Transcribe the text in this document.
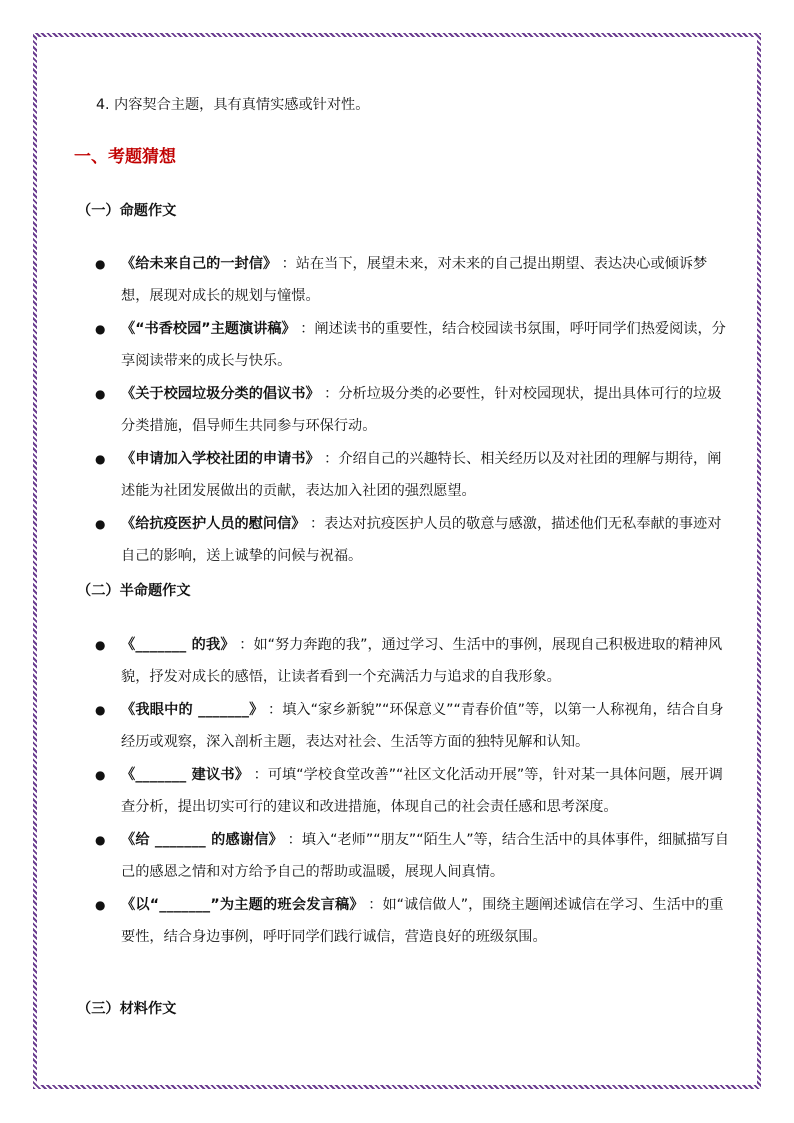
4. 内容契合主题，具有真情实感或针对性。
一、考题猜想
（一）命题作文
● 《给未来自己的一封信》 ：站在当下，展望未来，对未来的自己提出期望、表达决心或倾诉梦想，展现对成长的规划与憧憬。
● 《“书香校园”主题演讲稿》 ：阐述读书的重要性，结合校园读书氛围，呼吁同学们热爱阅读，分享阅读带来的成长与快乐。
● 《关于校园垃圾分类的倡议书》 ：分析垃圾分类的必要性，针对校园现状，提出具体可行的垃圾分类措施，倡导师生共同参与环保行动。
● 《申请加入学校社团的申请书》 ：介绍自己的兴趣特长、相关经历以及对社团的理解与期待，阐述能为社团发展做出的贡献，表达加入社团的强烈愿望。
● 《给抗疫医护人员的慰问信》 ：表达对抗疫医护人员的敬意与感激，描述他们无私奉献的事迹对自己的影响，送上诚挚的问候与祝福。
（二）半命题作文
● 《_______ 的我》 ：如“努力奔跑的我”，通过学习、生活中的事例，展现自己积极进取的精神风貌，抒发对成长的感悟，让读者看到一个充满活力与追求的自我形象。
● 《我眼中的 _______》 ：填入“家乡新貌”“环保意义”“青春价值”等，以第一人称视角，结合自身经历或观察，深入剖析主题，表达对社会、生活等方面的独特见解和认知。
● 《_______ 建议书》 ：可填“学校食堂改善”“社区文化活动开展”等，针对某一具体问题，展开调查分析，提出切实可行的建议和改进措施，体现自己的社会责任感和思考深度。
● 《给 _______ 的感谢信》 ：填入“老师”“朋友”“陌生人”等，结合生活中的具体事件，细腻描写自己的感恩之情和对方给予自己的帮助或温暖，展现人间真情。
● 《以“_______”为主题的班会发言稿》 ：如“诚信做人”，围绕主题阐述诚信在学习、生活中的重要性，结合身边事例，呼吁同学们践行诚信，营造良好的班级氛围。
（三）材料作文
